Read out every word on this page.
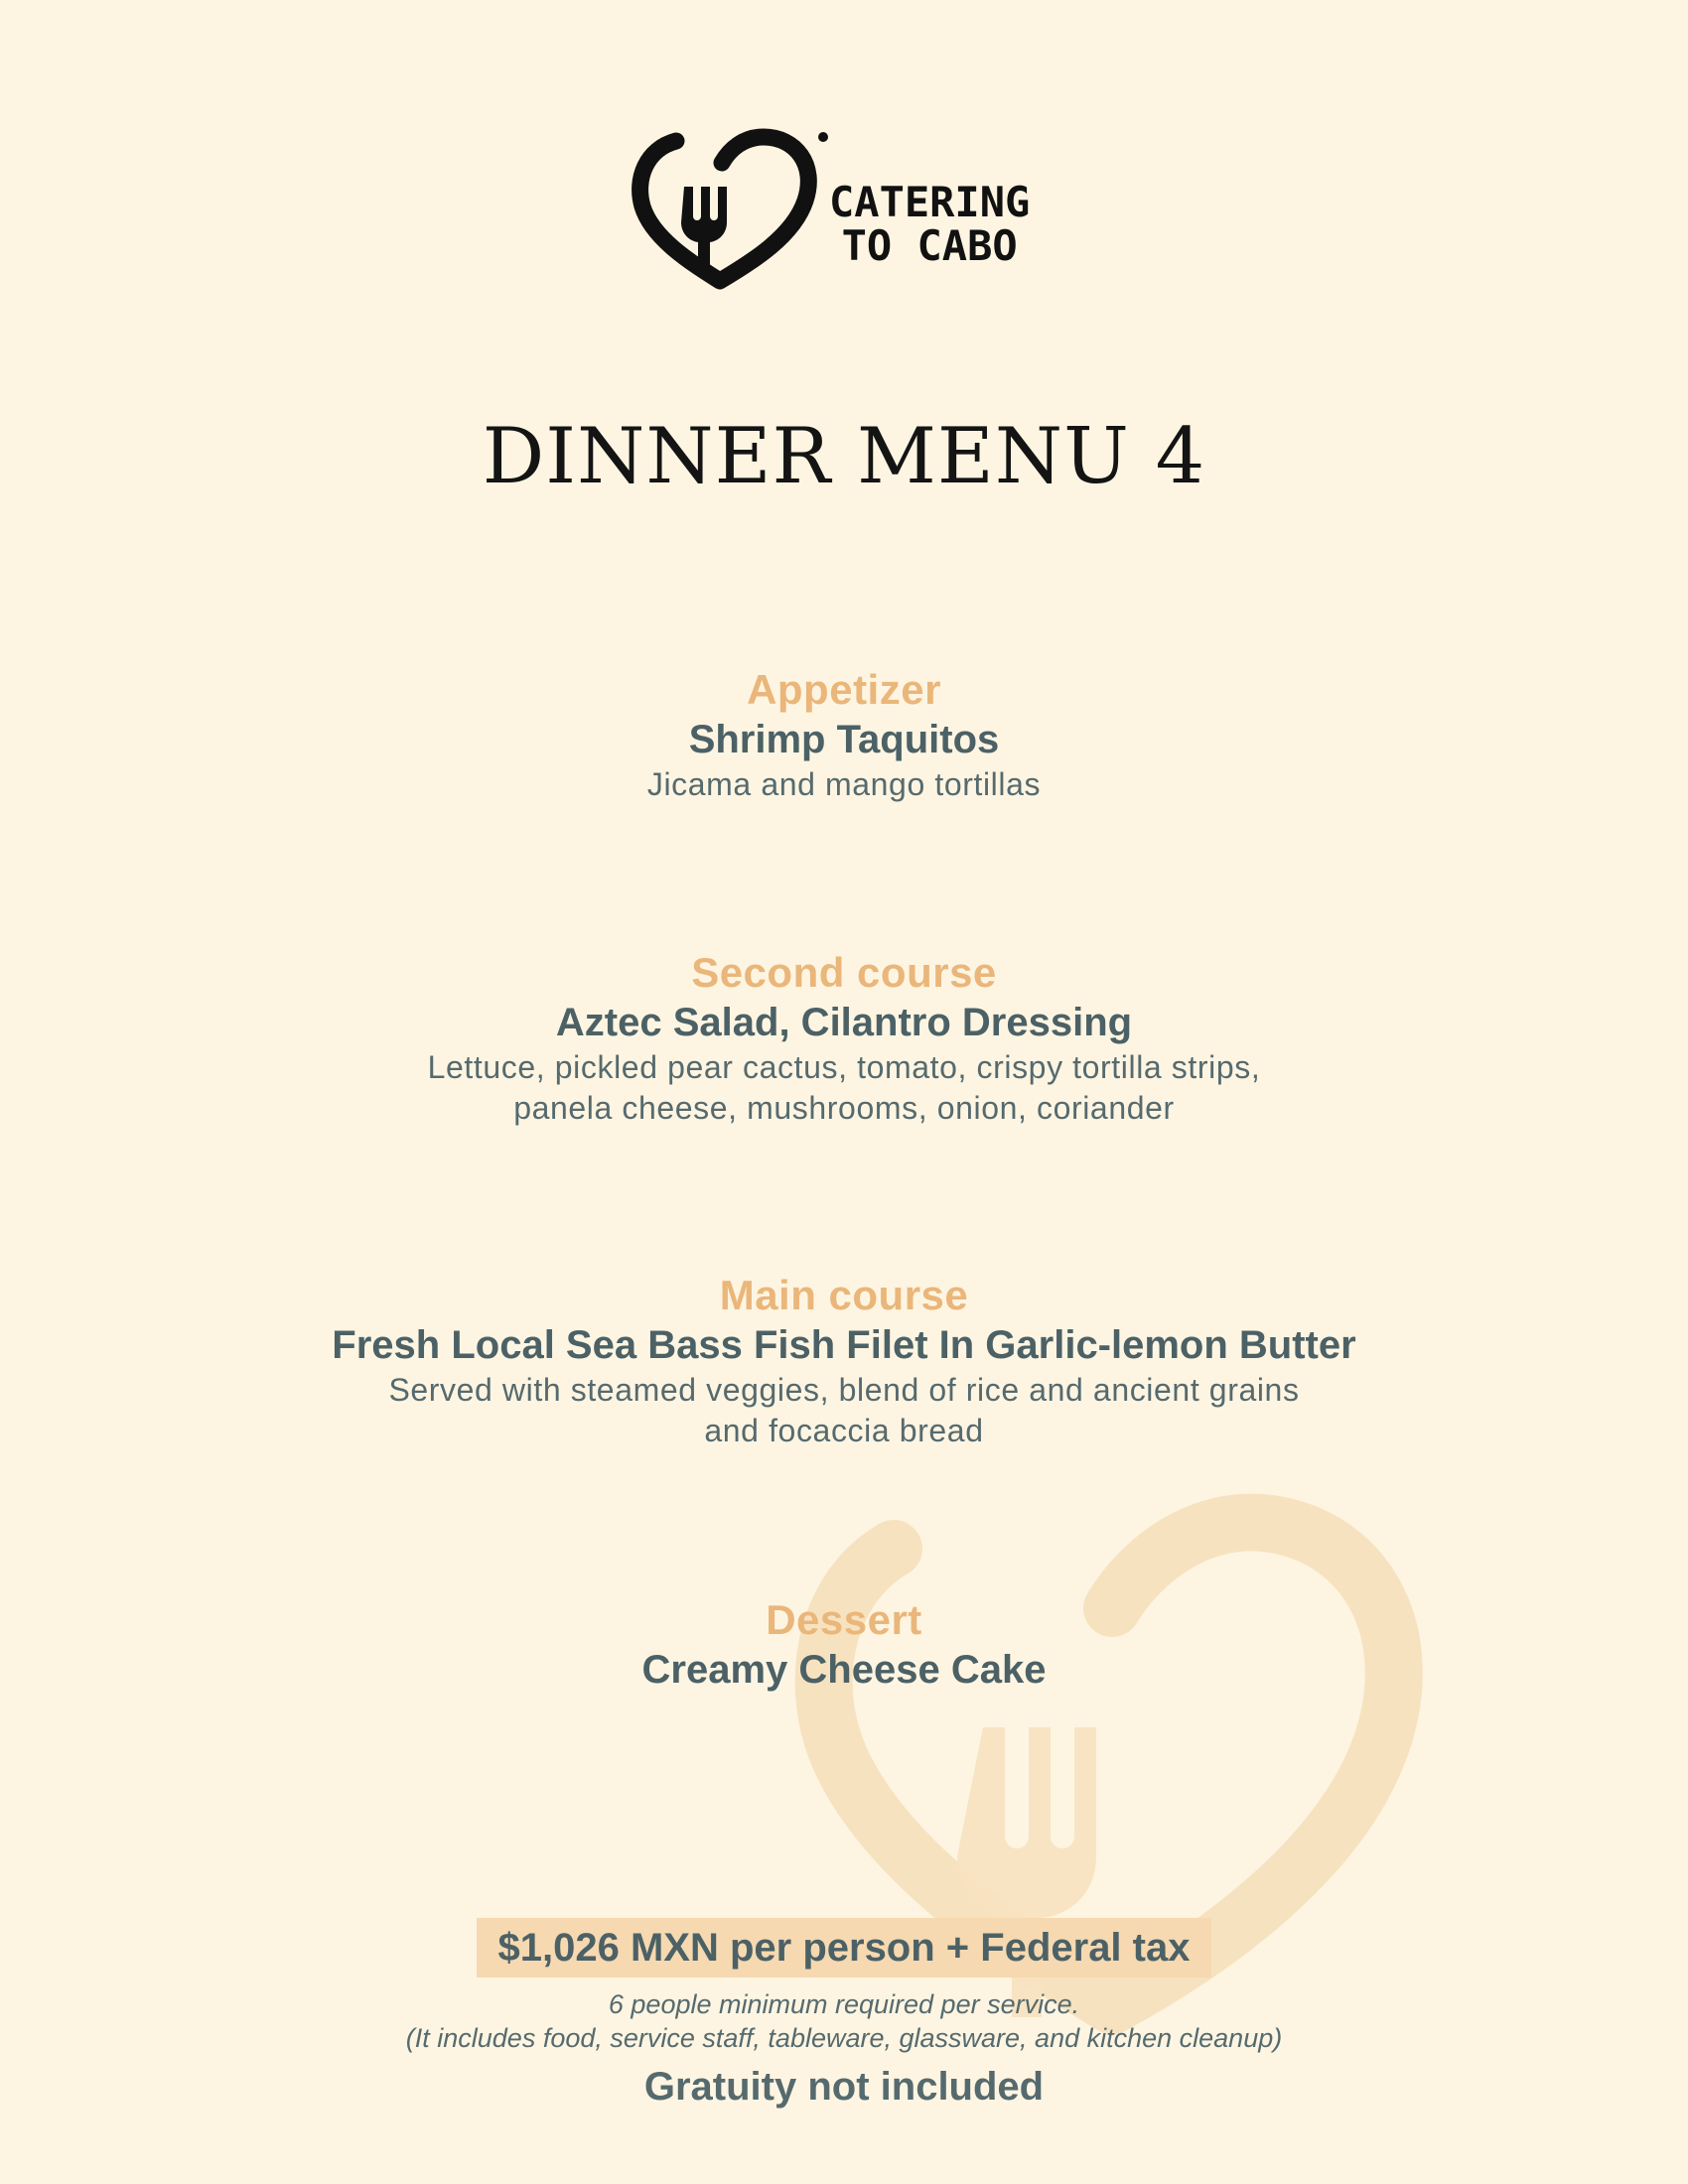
CATERING
TO CABO
DINNER MENU 4
Appetizer
Shrimp Taquitos
Jicama and mango tortillas
Second course
Aztec Salad, Cilantro Dressing
Lettuce, pickled pear cactus, tomato, crispy tortilla strips,
panela cheese, mushrooms, onion, coriander
Main course
Fresh Local Sea Bass Fish Filet In Garlic-lemon Butter
Served with steamed veggies, blend of rice and ancient grains
and focaccia bread
Dessert
Creamy Cheese Cake
$1,026 MXN per person + Federal tax
6 people minimum required per service.
(It includes food, service staff, tableware, glassware, and kitchen cleanup)
Gratuity not included
